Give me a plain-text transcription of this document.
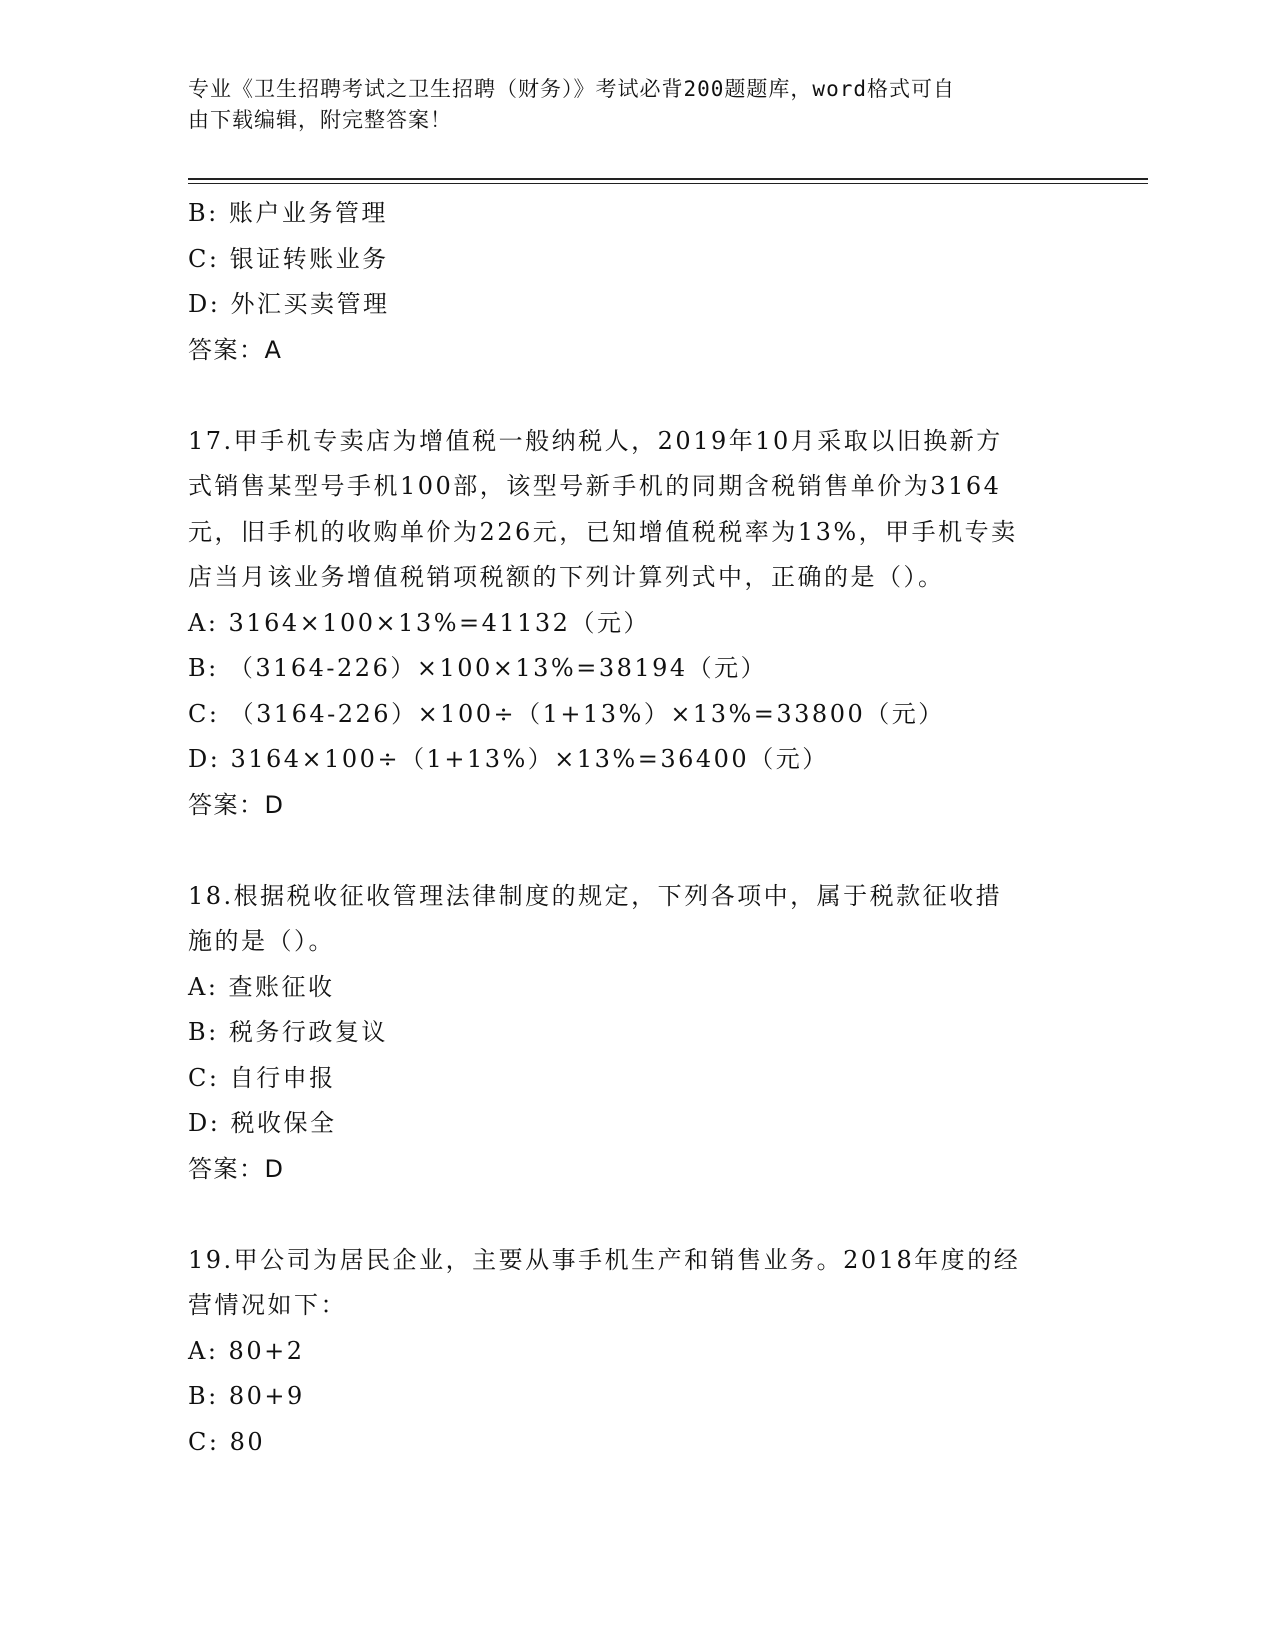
专业《卫生招聘考试之卫生招聘（财务）》考试必背200题题库，word格式可自
由下载编辑，附完整答案！
B: 账户业务管理
C: 银证转账业务
D: 外汇买卖管理
答案：A
17.甲手机专卖店为增值税一般纳税人，2019年10月采取以旧换新方
式销售某型号手机100部，该型号新手机的同期含税销售单价为3164
元，旧手机的收购单价为226元，已知增值税税率为13%，甲手机专卖
店当月该业务增值税销项税额的下列计算列式中，正确的是（）。
A: 3164×100×13%=41132（元）
B: （3164-226）×100×13%=38194（元）
C: （3164-226）×100÷（1+13%）×13%=33800（元）
D: 3164×100÷（1+13%）×13%=36400（元）
答案：D
18.根据税收征收管理法律制度的规定，下列各项中，属于税款征收措
施的是（）。
A: 查账征收
B: 税务行政复议
C: 自行申报
D: 税收保全
答案：D
19.甲公司为居民企业，主要从事手机生产和销售业务。2018年度的经
营情况如下：
A: 80+2
B: 80+9
C: 80
